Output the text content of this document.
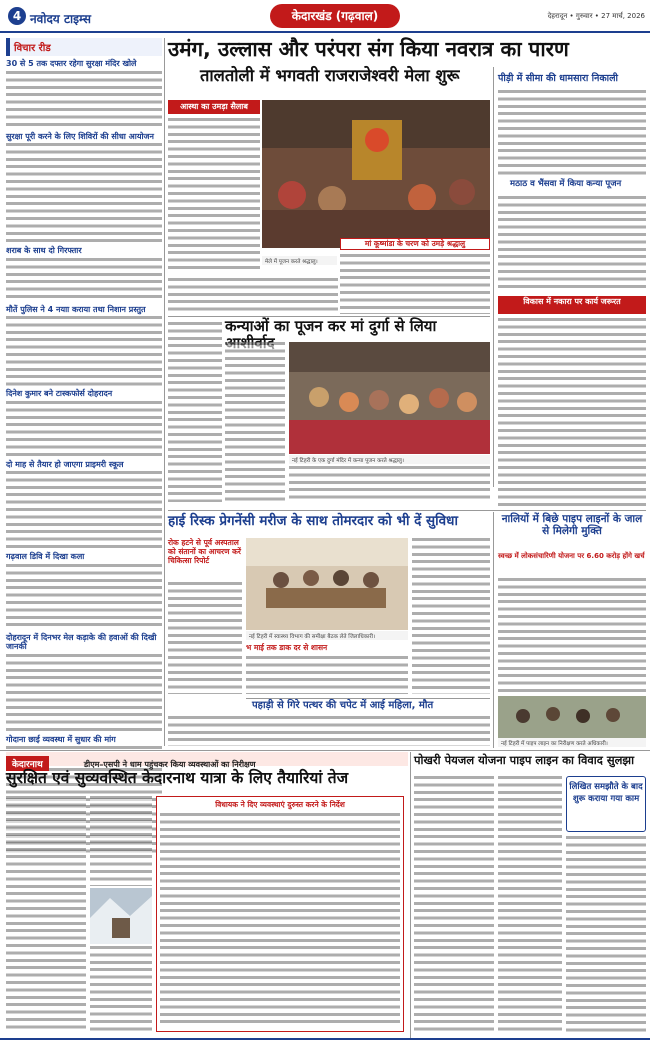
4 नवोदय टाइम्स	केदारखंड (गढ़वाल)	देहरादून • गुरुवार • 27 मार्च, 2026
विचार रीड
30 से 5 तक दफ्तर रहेगा सुरक्षा मंदिर खोले
सुरक्षा पूरी करने के लिए शिविरों की सीधा आयोजन
शराब के साथ दो गिरफ्तार
मौतें पुलिस ने 4 नयाा कराया तथा निशान प्रस्तुत
दिनेश कुमार बने टास्कफोर्स दोहरादन
दो माह से तैयार हो जाएगा प्राइमरी स्कूल
गढ़वाल डिवि में दिखा कला
दोहरादून में दिनभर मेल कड़ाके की हवाओं की दिखी जानकी
गोदाना छाई व्यवस्था में सुधार की मांग
उमंग, उल्लास और परंपरा संग किया नवरात्र का पारण
तालतोली में भगवती राजराजेश्वरी मेला शुरू
आस्था का उमड़ा सैलाब
मां कूष्मांडा के चरण को उमड़े श्रद्धालु
मेले में पूजन करते श्रद्धालु।
पीड़ी में सीमा की धामसारा निकाली
मठाठ व भैंसवा में किया कन्या पूजन
कन्याओं का पूजन कर मां दुर्गा से लिया
नई टिहरी के एक दुर्गा मंदिर में कन्या पूजन करते श्रद्धालु।
विकास में नकारा पर कार्य जरूरत
हाई रिस्क प्रेगनेंसी मरीज के साथ तोमरदार को भी दें सुविधा
रोक हटने से पूर्व अस्पताल को संतानों का आचरण करें चिकित्सा रिपोर्ट
नई टिहरी में स्वास्थ्य विभाग की समीक्षा बैठक लेते जिलाधिकारी।
भ माई तक डाक दर से शासन
नालियों में बिछे पाइप लाइनों के जाल से मिलेगी मुक्ति
स्वच्छ में लोकसंचारिणी योजना पर 6.60 करोड़ होंगे खर्च
नई टिहरी में पाइप लाइन का निरीक्षण करते अधिकारी।
पहाड़ी से गिरे पत्थर की चपेट में आई महिला, मौत
केदारनाथ	डीएम–एसपी ने धाम पहुंचकर किया व्यवस्थाओं का निरीक्षण
सुरक्षित एवं सुव्यवस्थित केदारनाथ यात्रा के लिए तैयारियां तेज
विधायक ने दिए व्यवस्थाएं दुरुस्त करने के निर्देश
पोखरी पेयजल योजना पाइप लाइन का विवाद सुलझा
लिखित समझौते के बाद शुरू कराया गया काम
